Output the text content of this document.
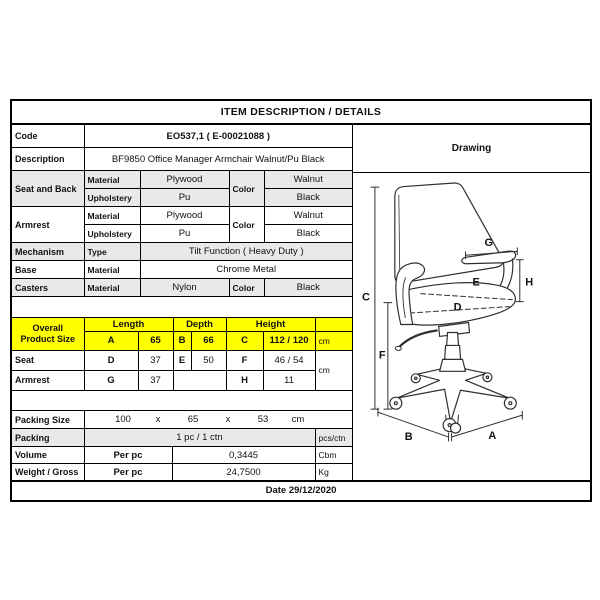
ITEM DESCRIPTION / DETAILS
Code	EO537,1 ( E-00021088 )
Description	BF9850 Office Manager Armchair Walnut/Pu Black
Seat and Back	Material	Plywood	Color	Walnut
	Upholstery	Pu		Black
Armrest	Material	Plywood	Color	Walnut
	Upholstery	Pu		Black
Mechanism	Type	Tilt Function ( Heavy Duty )		
Base	Material	Chrome Metal		
Casters	Material	Nylon	Color	Black
Overall Product Size	Length		Depth		Height		
	A	65	B	66	C	112 / 120	cm
Seat	D	37	E	50	F	46 / 54	cm
Armrest	G	37			H	11	
Packing Size	100	x	65	x	53	cm

Packing	1 pc / 1 ctn		pcs/ctn
Volume	Per pc	0,3445	Cbm
Weight / Gross	Per pc	24,7500	Kg
Drawing
C
F
G
H
E
D
B	A
Date 29/12/2020
